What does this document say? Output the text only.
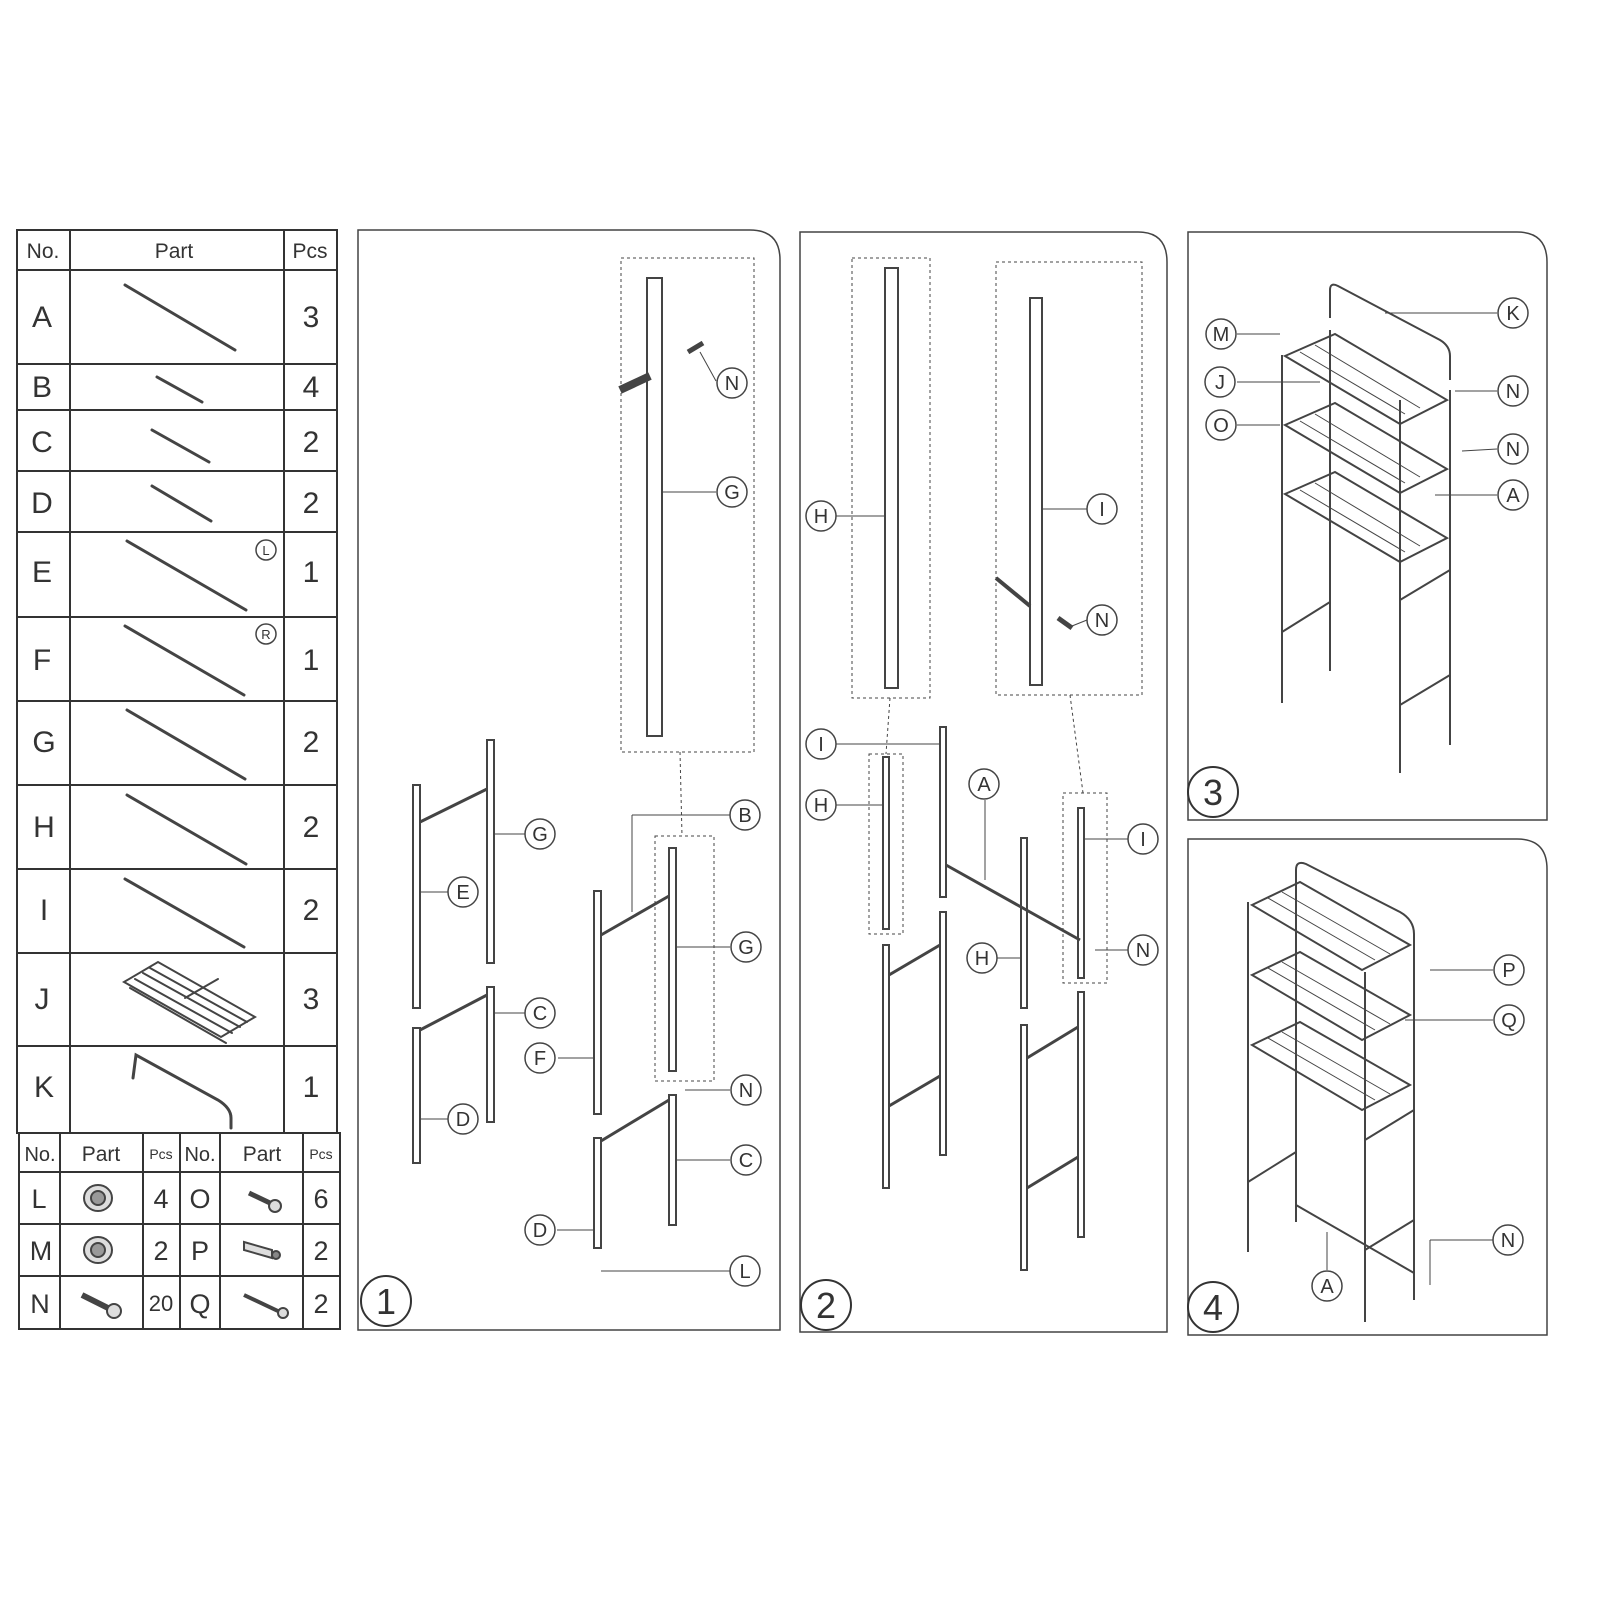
No.	Part	Pcs
A	3
B	4
C	2
D	2
E	1
F	1
G	2
H	2
I	2
J	3
K	1
L
R
No. Part Pcs No. Part Pcs
L	4 O	6
M	2 P	2
N	20 Q	2
N
G
G
E
B
C
G
F
N
D
C
D
L
H	I
N
I
A
H
I
H	N
K
M
J	N
O
N
A
P
Q
N
A
1	2
3
4
